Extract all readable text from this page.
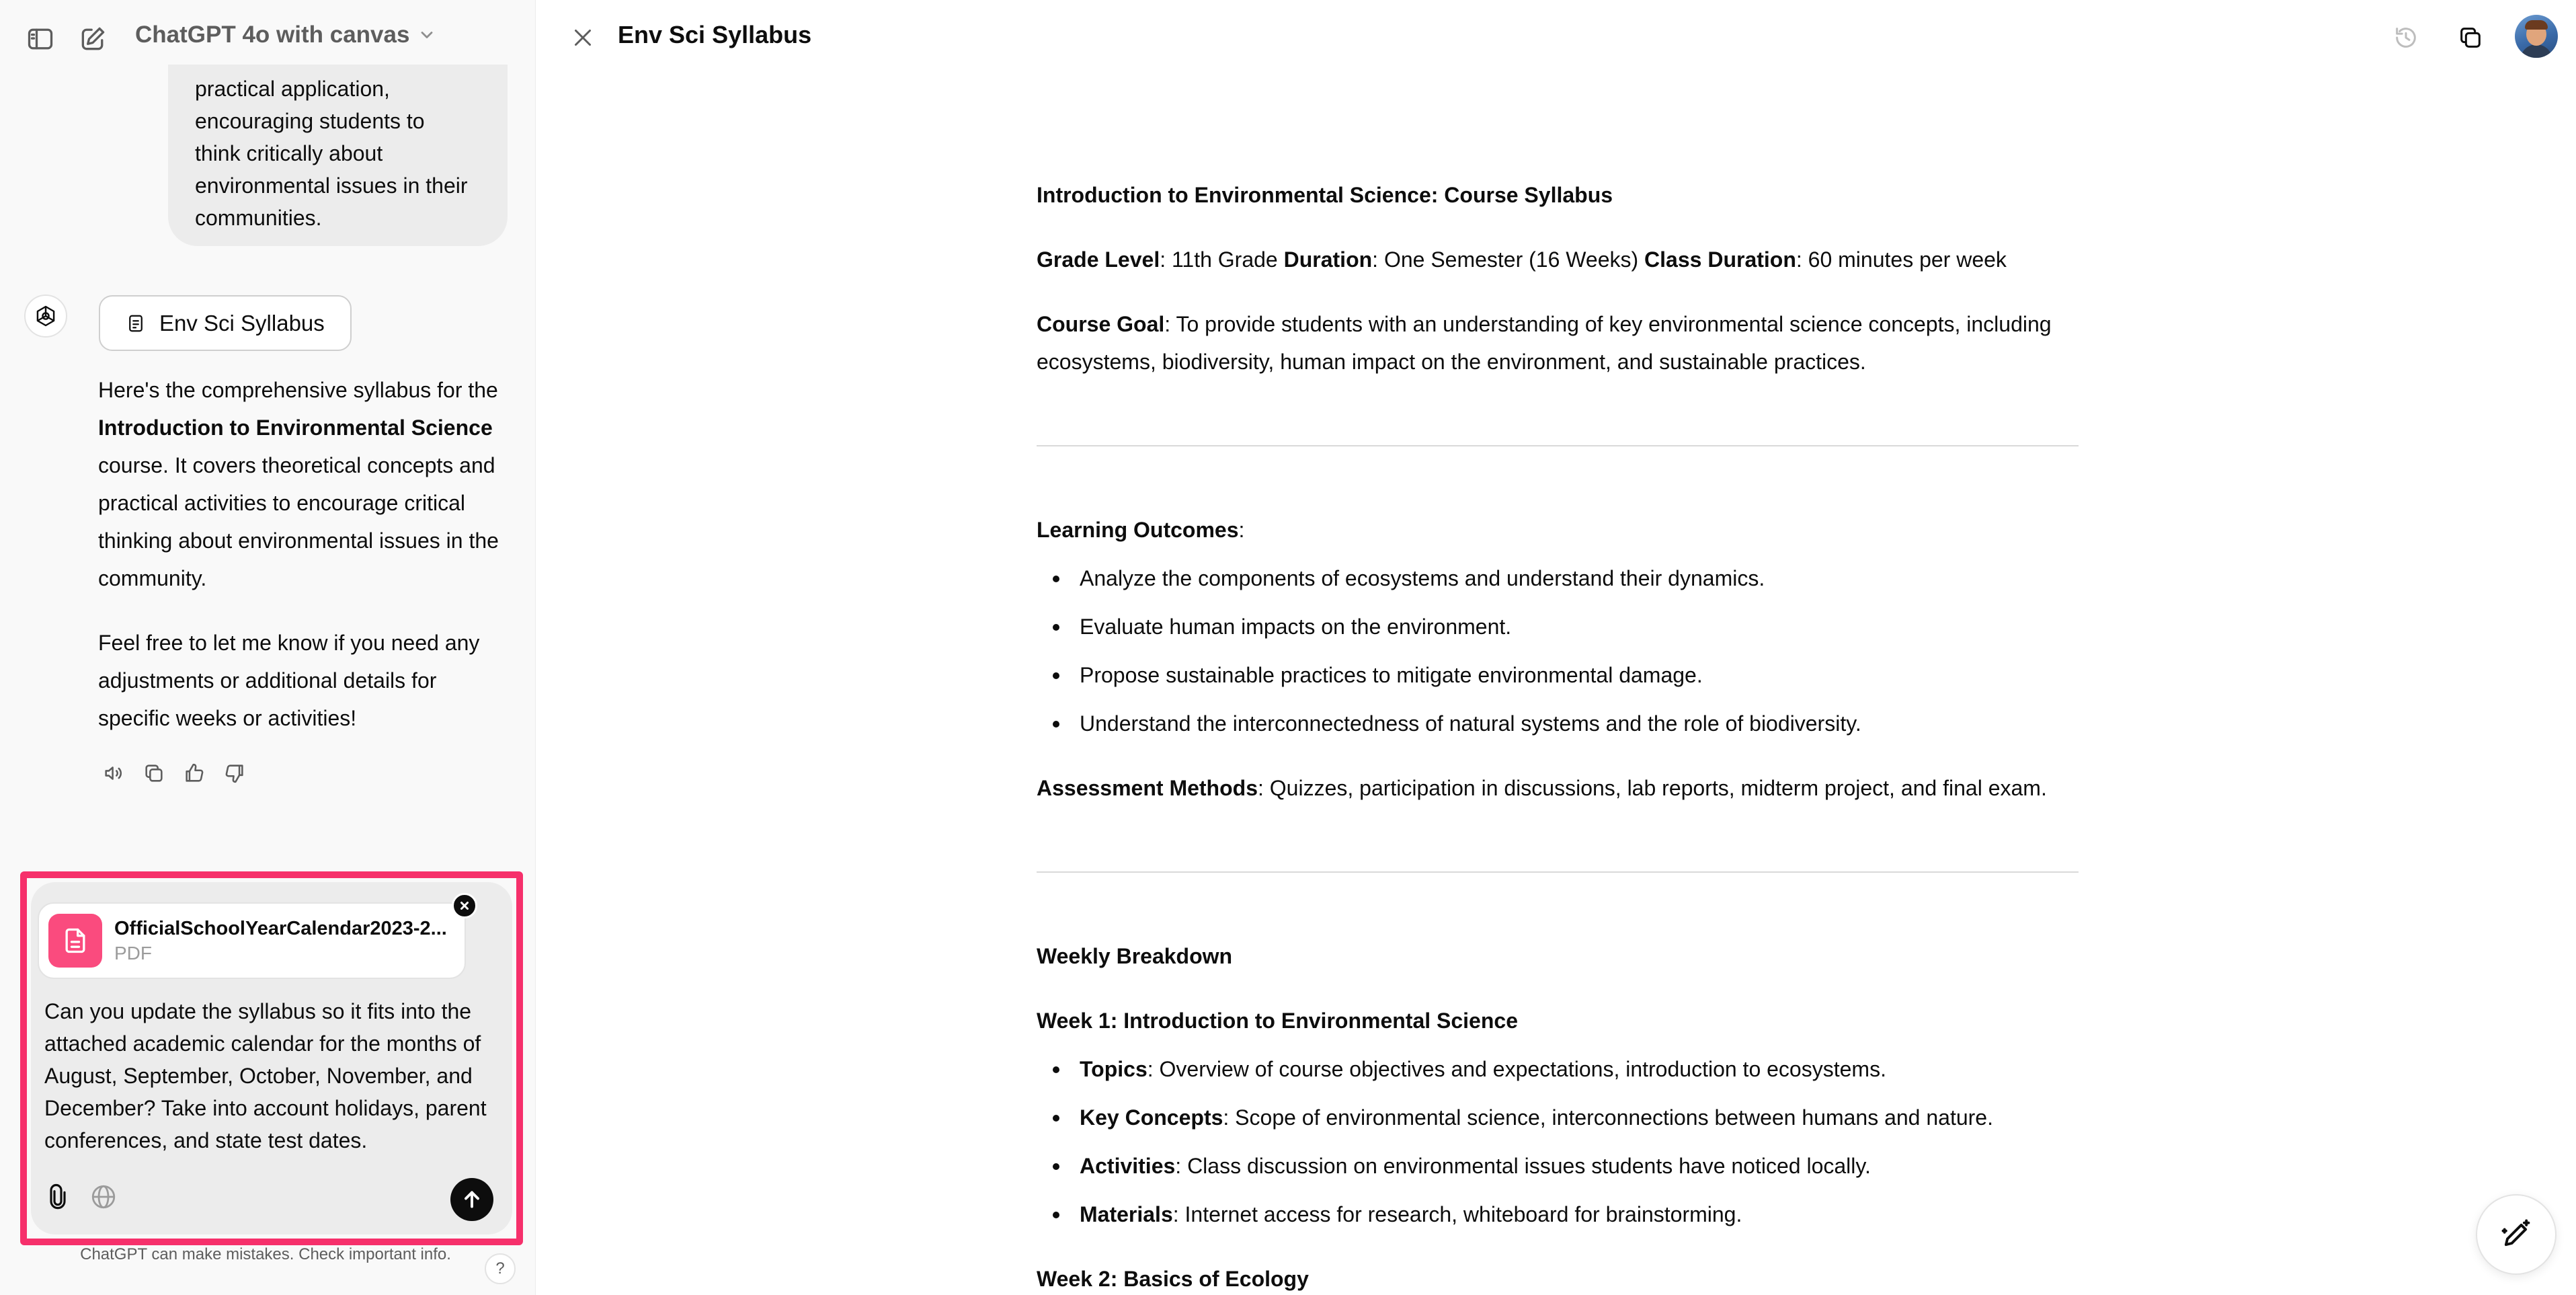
ChatGPT 4o with canvas

practical application,

encouraging students to

think critically about

environmental issues in their

communities.

Env Sci Syllabus
Here's the comprehensive syllabus for the Introduction to Environmental Science course. It covers theoretical concepts and practical activities to encourage critical thinking about environmental issues in the community.
Feel free to let me know if you need any adjustments or additional details for specific weeks or activities!
OfficialSchoolYearCalendar2023-2...
PDF
Can you update the syllabus so it fits into the attached academic calendar for the months of August, September, October, November, and December? Take into account holidays, parent conferences, and state test dates.
ChatGPT can make mistakes. Check important info.
?
Env Sci Syllabus
Introduction to Environmental Science: Course Syllabus
Grade Level: 11th Grade Duration: One Semester (16 Weeks) Class Duration: 60 minutes per week
Course Goal: To provide students with an understanding of key environmental science concepts, including
ecosystems, biodiversity, human impact on the environment, and sustainable practices.
Learning Outcomes:
Analyze the components of ecosystems and understand their dynamics.
Evaluate human impacts on the environment.
Propose sustainable practices to mitigate environmental damage.
Understand the interconnectedness of natural systems and the role of biodiversity.
Assessment Methods: Quizzes, participation in discussions, lab reports, midterm project, and final exam.
Weekly Breakdown
Week 1: Introduction to Environmental Science
Topics: Overview of course objectives and expectations, introduction to ecosystems.
Key Concepts: Scope of environmental science, interconnections between humans and nature.
Activities: Class discussion on environmental issues students have noticed locally.
Materials: Internet access for research, whiteboard for brainstorming.
Week 2: Basics of Ecology
